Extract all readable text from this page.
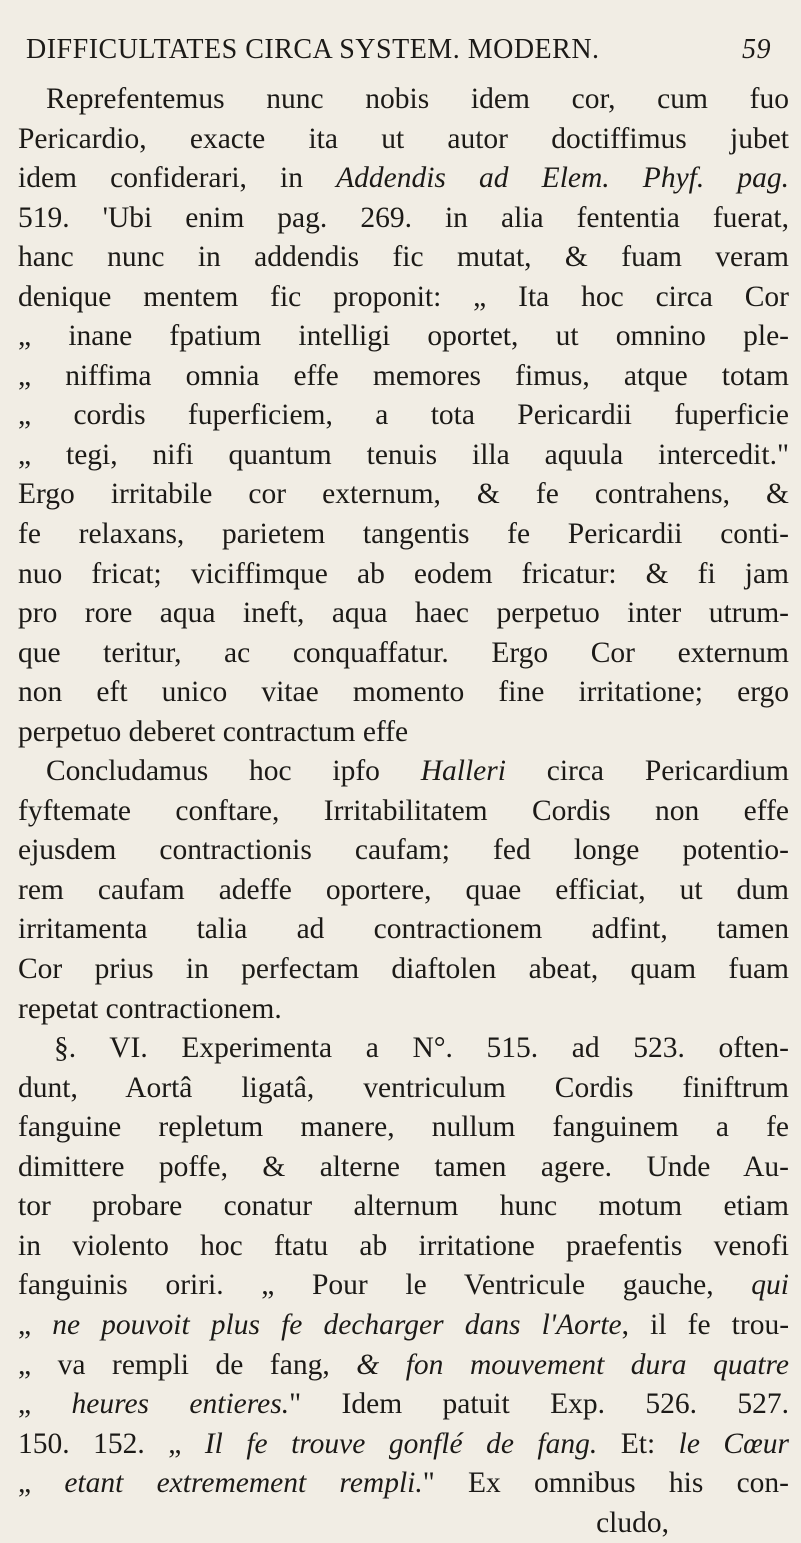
DIFFICULTATES CIRCA SYSTEM. MODERN.	59
Reprefentemus nunc nobis idem cor, cum fuo
Pericardio, exacte ita ut autor doctiffimus jubet
idem confiderari, in Addendis ad Elem. Phyf. pag.
519. 'Ubi enim pag. 269. in alia fententia fuerat,
hanc nunc in addendis fic mutat, & fuam veram
denique mentem fic proponit: „ Ita hoc circa Cor
„ inane fpatium intelligi oportet, ut omnino ple-
„ niffima omnia effe memores fimus, atque totam
„ cordis fuperficiem, a tota Pericardii fuperficie
„ tegi, nifi quantum tenuis illa aquula intercedit."
Ergo irritabile cor externum, & fe contrahens, &
fe relaxans, parietem tangentis fe Pericardii conti-
nuo fricat; viciffimque ab eodem fricatur: & fi jam
pro rore aqua ineft, aqua haec perpetuo inter utrum-
que teritur, ac conquaffatur. Ergo Cor externum
non eft unico vitae momento fine irritatione; ergo
perpetuo deberet contractum effe
Concludamus hoc ipfo Halleri circa Pericardium
fyftemate conftare, Irritabilitatem Cordis non effe
ejusdem contractionis caufam; fed longe potentio-
rem caufam adeffe oportere, quae efficiat, ut dum
irritamenta talia ad contractionem adfint, tamen
Cor prius in perfectam diaftolen abeat, quam fuam
repetat contractionem.
§. VI. Experimenta a N°. 515. ad 523. often-
dunt, Aortâ ligatâ, ventriculum Cordis finiftrum
fanguine repletum manere, nullum fanguinem a fe
dimittere poffe, & alterne tamen agere. Unde Au-
tor probare conatur alternum hunc motum etiam
in violento hoc ftatu ab irritatione praefentis venofi
fanguinis oriri. „ Pour le Ventricule gauche, qui
„ ne pouvoit plus fe decharger dans l'Aorte, il fe trou-
„ va rempli de fang, & fon mouvement dura quatre
„ heures entieres." Idem patuit Exp. 526. 527.
150. 152. „ Il fe trouve gonflé de fang. Et: le Cœur
„ etant extremement rempli." Ex omnibus his con-
cludo,
